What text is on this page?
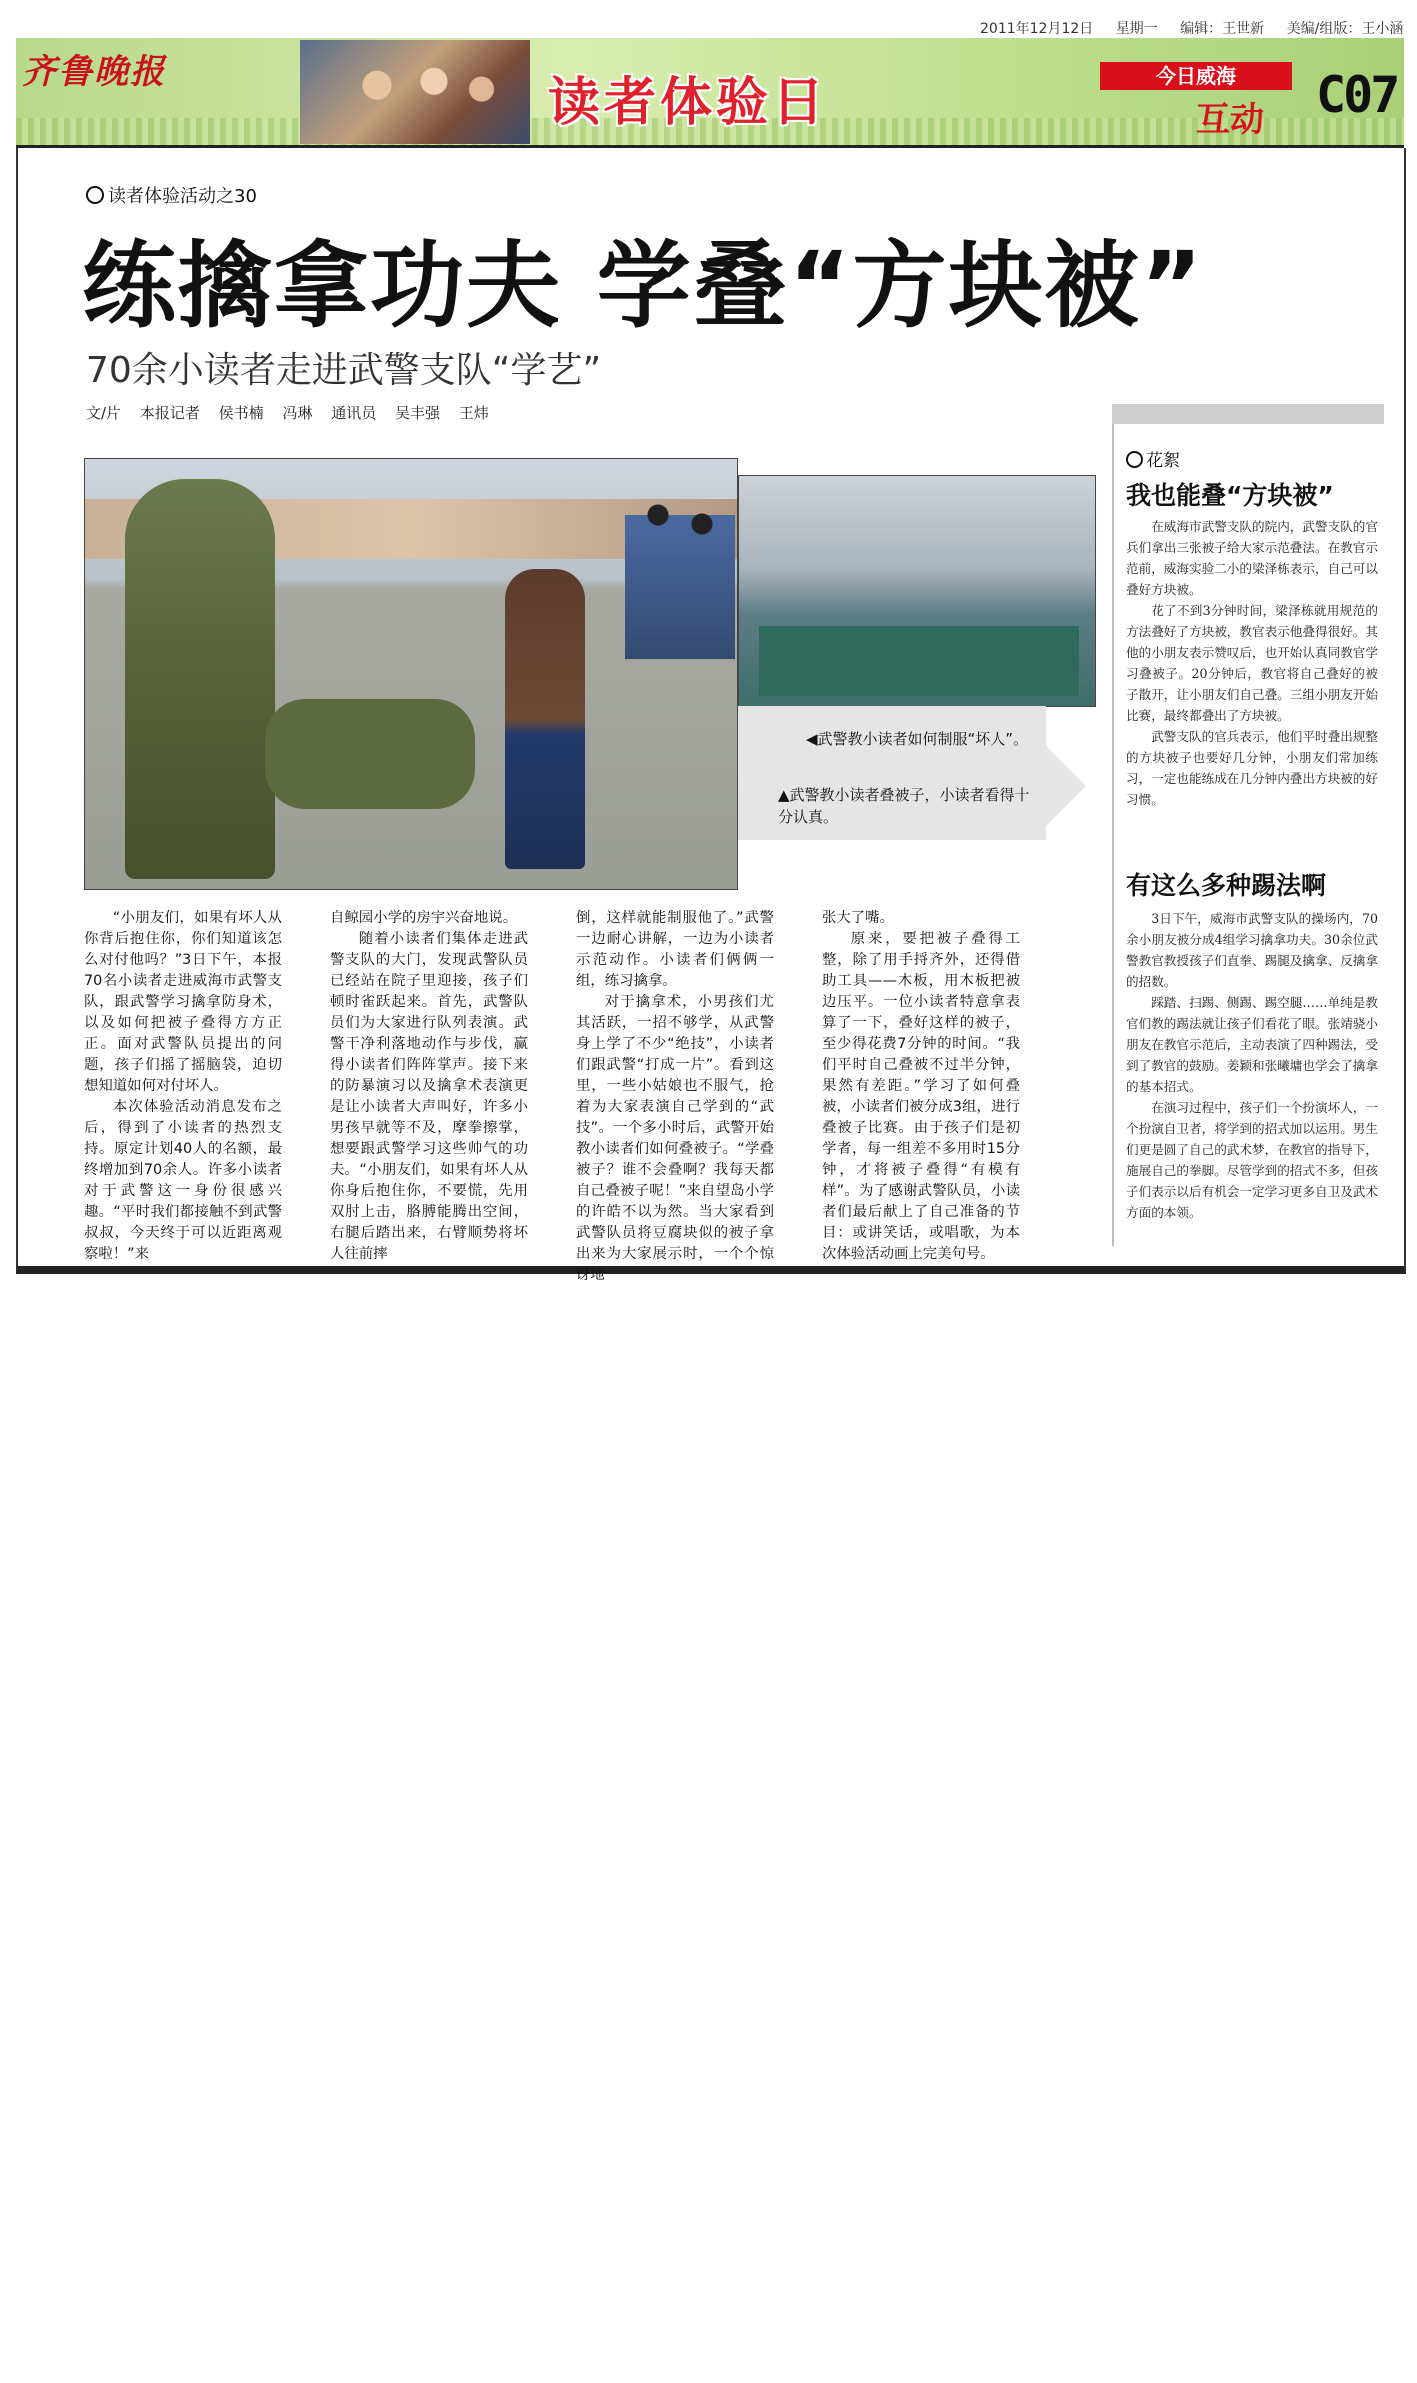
2011年12月12日 星期一 编辑：王世新 美编/组版：王小涵
齐鲁晚报
读者体验日	今日威海
互动 C07
读者体验活动之30
练擒拿功夫 学叠“方块被”
70余小读者走进武警支队“学艺”
文/片 本报记者 侯书楠 冯琳 通讯员 吴丰强 王炜
◀武警教小读者如何制服“坏人”。
▲武警教小读者叠被子，小读者看得十分认真。

“小朋友们，如果有坏人从你背后抱住你，你们知道该怎么对付他吗？”3日下午，本报70名小读者走进威海市武警支队，跟武警学习擒拿防身术，以及如何把被子叠得方方正正。面对武警队员提出的问题，孩子们摇了摇脑袋，迫切想知道如何对付坏人。

本次体验活动消息发布之后，得到了小读者的热烈支持。原定计划40人的名额，最终增加到70余人。许多小读者对于武警这一身份很感兴趣。“平时我们都接触不到武警叔叔，今天终于可以近距离观察啦！”来

自鲸园小学的房宇兴奋地说。

随着小读者们集体走进武警支队的大门，发现武警队员已经站在院子里迎接，孩子们顿时雀跃起来。首先，武警队员们为大家进行队列表演。武警干净利落地动作与步伐，赢得小读者们阵阵掌声。接下来的防暴演习以及擒拿术表演更是让小读者大声叫好，许多小男孩早就等不及，摩拳擦掌，想要跟武警学习这些帅气的功夫。“小朋友们，如果有坏人从你身后抱住你，不要慌，先用双肘上击，胳膊能腾出空间，右腿后踏出来，右臂顺势将坏人往前摔

倒，这样就能制服他了。”武警一边耐心讲解，一边为小读者示范动作。小读者们俩俩一组，练习擒拿。

对于擒拿术，小男孩们尤其活跃，一招不够学，从武警身上学了不少“绝技”，小读者们跟武警“打成一片”。看到这里，一些小姑娘也不服气，抢着为大家表演自己学到的“武技”。一个多小时后，武警开始教小读者们如何叠被子。“学叠被子？谁不会叠啊？我每天都自己叠被子呢！”来自望岛小学的许皓不以为然。当大家看到武警队员将豆腐块似的被子拿出来为大家展示时，一个个惊讶地

张大了嘴。

原来，要把被子叠得工整，除了用手捋齐外，还得借助工具——木板，用木板把被边压平。一位小读者特意拿表算了一下，叠好这样的被子，至少得花费7分钟的时间。“我们平时自己叠被不过半分钟，果然有差距。”学习了如何叠被，小读者们被分成3组，进行叠被子比赛。由于孩子们是初学者，每一组差不多用时15分钟，才将被子叠得“有模有样”。为了感谢武警队员，小读者们最后献上了自己准备的节目：或讲笑话，或唱歌，为本次体验活动画上完美句号。

花絮
我也能叠“方块被”

在威海市武警支队的院内，武警支队的官兵们拿出三张被子给大家示范叠法。在教官示范前，威海实验二小的梁泽栋表示，自己可以叠好方块被。

花了不到3分钟时间，梁泽栋就用规范的方法叠好了方块被，教官表示他叠得很好。其他的小朋友表示赞叹后，也开始认真同教官学习叠被子。20分钟后，教官将自己叠好的被子散开，让小朋友们自己叠。三组小朋友开始比赛，最终都叠出了方块被。

武警支队的官兵表示，他们平时叠出规整的方块被子也要好几分钟，小朋友们常加练习，一定也能练成在几分钟内叠出方块被的好习惯。

有这么多种踢法啊

3日下午，威海市武警支队的操场内，70余小朋友被分成4组学习擒拿功夫。30余位武警教官教授孩子们直拳、踢腿及擒拿、反擒拿的招数。

踩踏、扫踢、侧踢、踢空腿……单纯是教官们教的踢法就让孩子们看花了眼。张靖骁小朋友在教官示范后，主动表演了四种踢法，受到了教官的鼓励。姜颖和张曦墉也学会了擒拿的基本招式。

在演习过程中，孩子们一个扮演坏人，一个扮演自卫者，将学到的招式加以运用。男生们更是圆了自己的武术梦，在教官的指导下，施展自己的拳脚。尽管学到的招式不多，但孩子们表示以后有机会一定学习更多自卫及武术方面的本领。
